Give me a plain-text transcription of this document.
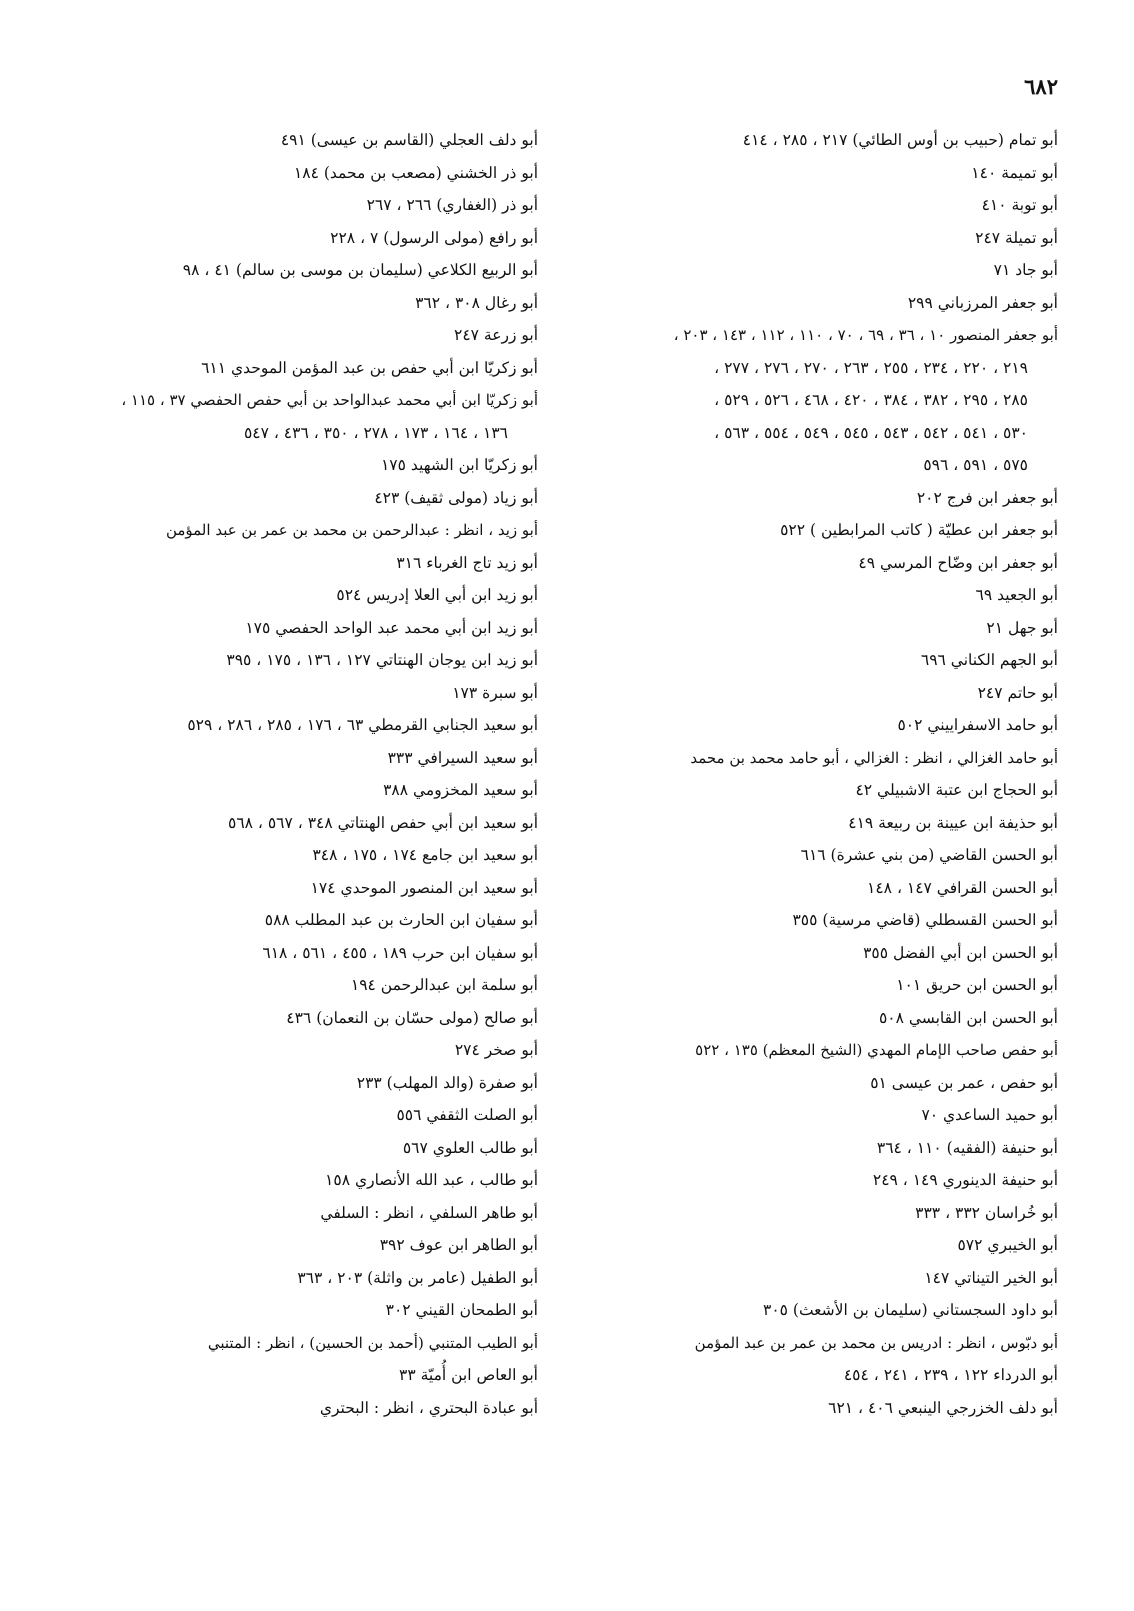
٦٨٢
أبو تمام (حبيب بن أوس الطائي) ٢١٧ ، ٢٨٥ ، ٤١٤
أبو تميمة ١٤٠
أبو توبة ٤١٠
أبو تميلة ٢٤٧
أبو جاد ٧١
أبو جعفر المرزباني ٢٩٩
أبو جعفر المنصور ١٠ ، ٣٦ ، ٦٩ ، ٧٠ ، ١١٠ ، ١١٢ ، ١٤٣ ، ٢٠٣ ،
٢١٩ ، ٢٢٠ ، ٢٣٤ ، ٢٥٥ ، ٢٦٣ ، ٢٧٠ ، ٢٧٦ ، ٢٧٧ ،
٢٨٥ ، ٢٩٥ ، ٣٨٢ ، ٣٨٤ ، ٤٢٠ ، ٤٦٨ ، ٥٢٦ ، ٥٢٩ ،
٥٣٠ ، ٥٤١ ، ٥٤٢ ، ٥٤٣ ، ٥٤٥ ، ٥٤٩ ، ٥٥٤ ، ٥٦٣ ،
٥٧٥ ، ٥٩١ ، ٥٩٦
أبو جعفر ابن فرج ٢٠٢
أبو جعفر ابن عطيّة ( كاتب المرابطين ) ٥٢٢
أبو جعفر ابن وضّاح المرسي ٤٩
أبو الجعيد ٦٩
أبو جهل ٢١
أبو الجهم الكناني ٦٩٦
أبو حاتم ٢٤٧
أبو حامد الاسفراييني ٥٠٢
أبو حامد الغزالي ، انظر : الغزالي ، أبو حامد محمد بن محمد
أبو الحجاج ابن عتبة الاشبيلي ٤٢
أبو حذيفة ابن عيينة بن ربيعة ٤١٩
أبو الحسن القاضي (من بني عشرة) ٦١٦
أبو الحسن القرافي ١٤٧ ، ١٤٨
أبو الحسن القسطلي (قاضي مرسية) ٣٥٥
أبو الحسن ابن أبي الفضل ٣٥٥
أبو الحسن ابن حريق ١٠١
أبو الحسن ابن القابسي ٥٠٨
أبو حفص صاحب الإمام المهدي (الشيخ المعظم) ١٣٥ ، ٥٢٢
أبو حفص ، عمر بن عيسى ٥١
أبو حميد الساعدي ٧٠
أبو حنيفة (الفقيه) ١١٠ ، ٣٦٤
أبو حنيفة الدينوري ١٤٩ ، ٢٤٩
أبو خُراسان ٣٣٢ ، ٣٣٣
أبو الخيبري ٥٧٢
أبو الخير التيناتي ١٤٧
أبو داود السجستاني (سليمان بن الأشعث) ٣٠٥
أبو دبّوس ، انظر : ادريس بن محمد بن عمر بن عبد المؤمن
أبو الدرداء ١٢٢ ، ٢٣٩ ، ٢٤١ ، ٤٥٤
أبو دلف الخزرجي الينبعي ٤٠٦ ، ٦٢١
أبو دلف العجلي (القاسم بن عيسى) ٤٩١
أبو ذر الخشني (مصعب بن محمد) ١٨٤
أبو ذر (الغفاري) ٢٦٦ ، ٢٦٧
أبو رافع (مولى الرسول) ٧ ، ٢٢٨
أبو الربيع الكلاعي (سليمان بن موسى بن سالم) ٤١ ، ٩٨
أبو رغال ٣٠٨ ، ٣٦٢
أبو زرعة ٢٤٧
أبو زكريّا ابن أبي حفص بن عبد المؤمن الموحدي ٦١١
أبو زكريّا ابن أبي محمد عبدالواحد بن أبي حفص الحفصي ٣٧ ، ١١٥ ،
١٣٦ ، ١٦٤ ، ١٧٣ ، ٢٧٨ ، ٣٥٠ ، ٤٣٦ ، ٥٤٧
أبو زكريّا ابن الشهيد ١٧٥
أبو زياد (مولى ثقيف) ٤٢٣
أبو زيد ، انظر : عبدالرحمن بن محمد بن عمر بن عبد المؤمن
أبو زيد تاج الغرباء ٣١٦
أبو زيد ابن أبي العلا إدريس ٥٢٤
أبو زيد ابن أبي محمد عبد الواحد الحفصي ١٧٥
أبو زيد ابن يوجان الهنتاتي ١٢٧ ، ١٣٦ ، ١٧٥ ، ٣٩٥
أبو سبرة ١٧٣
أبو سعيد الجنابي القرمطي ٦٣ ، ١٧٦ ، ٢٨٥ ، ٢٨٦ ، ٥٢٩
أبو سعيد السيرافي ٣٣٣
أبو سعيد المخزومي ٣٨٨
أبو سعيد ابن أبي حفص الهنتاتي ٣٤٨ ، ٥٦٧ ، ٥٦٨
أبو سعيد ابن جامع ١٧٤ ، ١٧٥ ، ٣٤٨
أبو سعيد ابن المنصور الموحدي ١٧٤
أبو سفيان ابن الحارث بن عبد المطلب ٥٨٨
أبو سفيان ابن حرب ١٨٩ ، ٤٥٥ ، ٥٦١ ، ٦١٨
أبو سلمة ابن عبدالرحمن ١٩٤
أبو صالح (مولى حسّان بن النعمان) ٤٣٦
أبو صخر ٢٧٤
أبو صفرة (والد المهلب) ٢٣٣
أبو الصلت الثقفي ٥٥٦
أبو طالب العلوي ٥٦٧
أبو طالب ، عبد الله الأنصاري ١٥٨
أبو طاهر السلفي ، انظر : السلفي
أبو الطاهر ابن عوف ٣٩٢
أبو الطفيل (عامر بن واثلة) ٢٠٣ ، ٣٦٣
أبو الطمحان القيني ٣٠٢
أبو الطيب المتنبي (أحمد بن الحسين) ، انظر : المتنبي
أبو العاص ابن أُميّة ٣٣
أبو عبادة البحتري ، انظر : البحتري
